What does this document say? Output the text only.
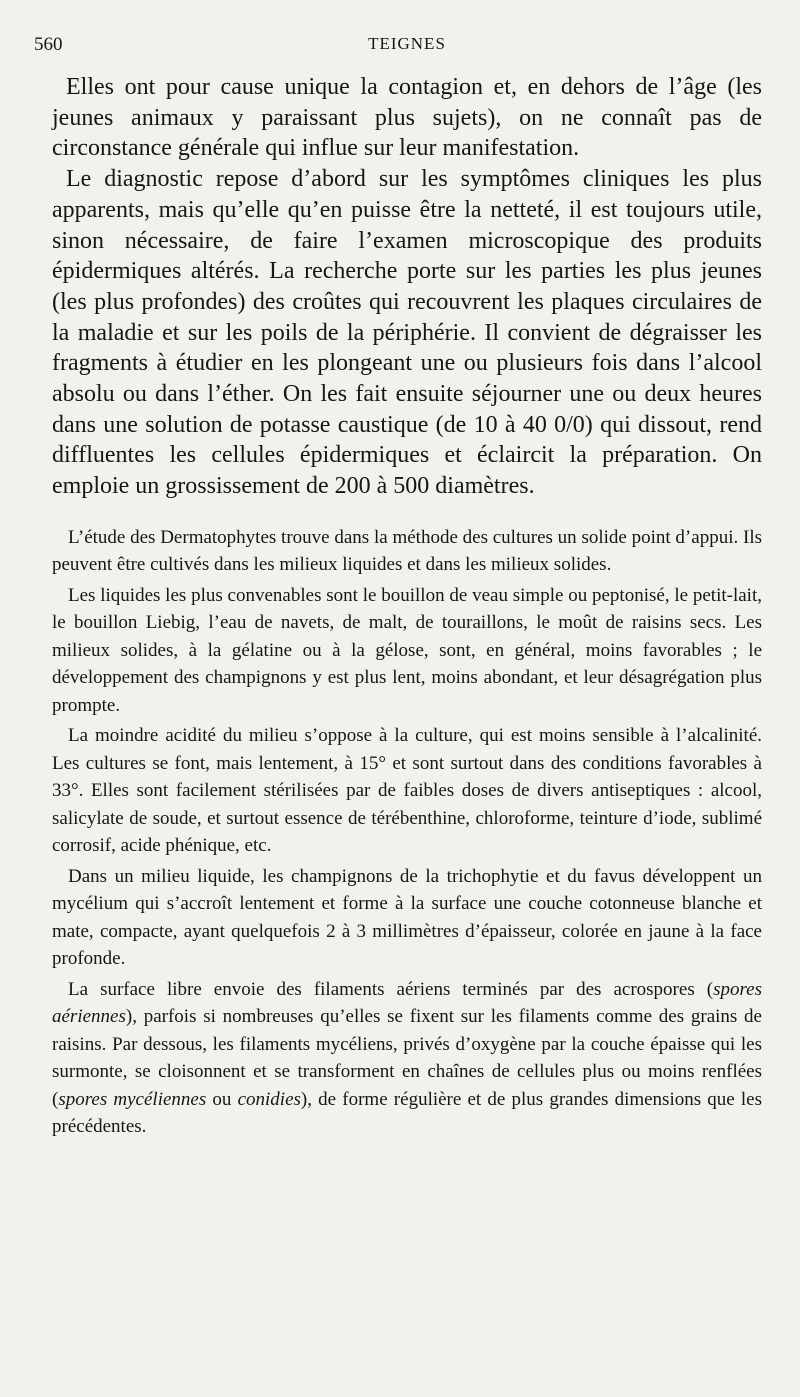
560	TEIGNES

Elles ont pour cause unique la contagion et, en dehors de l’âge (les jeunes animaux y paraissant plus sujets), on ne connaît pas de circonstance générale qui influe sur leur manifestation.

Le diagnostic repose d’abord sur les symptômes cliniques les plus apparents, mais qu’elle qu’en puisse être la netteté, il est toujours utile, sinon nécessaire, de faire l’examen microscopique des produits épidermiques altérés. La recherche porte sur les parties les plus jeunes (les plus profondes) des croûtes qui recouvrent les plaques circulaires de la maladie et sur les poils de la périphérie. Il convient de dégraisser les fragments à étudier en les plongeant une ou plusieurs fois dans l’alcool absolu ou dans l’éther. On les fait ensuite séjourner une ou deux heures dans une solution de potasse caustique (de 10 à 40 0/0) qui dissout, rend diffluentes les cellules épidermiques et éclaircit la préparation. On emploie un grossissement de 200 à 500 diamètres.

L’étude des Dermatophytes trouve dans la méthode des cultures un solide point d’appui. Ils peuvent être cultivés dans les milieux liquides et dans les milieux solides.

Les liquides les plus convenables sont le bouillon de veau simple ou peptonisé, le petit-lait, le bouillon Liebig, l’eau de navets, de malt, de touraillons, le moût de raisins secs. Les milieux solides, à la gélatine ou à la gélose, sont, en général, moins favorables ; le développement des champignons y est plus lent, moins abondant, et leur désagrégation plus prompte.

La moindre acidité du milieu s’oppose à la culture, qui est moins sensible à l’alcalinité. Les cultures se font, mais lentement, à 15° et sont surtout dans des conditions favorables à 33°. Elles sont facilement stérilisées par de faibles doses de divers antiseptiques : alcool, salicylate de soude, et surtout essence de térébenthine, chloroforme, teinture d’iode, sublimé corrosif, acide phénique, etc.

Dans un milieu liquide, les champignons de la trichophytie et du favus développent un mycélium qui s’accroît lentement et forme à la surface une couche cotonneuse blanche et mate, compacte, ayant quelquefois 2 à 3 millimètres d’épaisseur, colorée en jaune à la face profonde.

La surface libre envoie des filaments aériens terminés par des acrospores (spores aériennes), parfois si nombreuses qu’elles se fixent sur les filaments comme des grains de raisins. Par dessous, les filaments mycéliens, privés d’oxygène par la couche épaisse qui les surmonte, se cloisonnent et se transforment en chaînes de cellules plus ou moins renflées (spores mycéliennes ou conidies), de forme régulière et de plus grandes dimensions que les précédentes.
